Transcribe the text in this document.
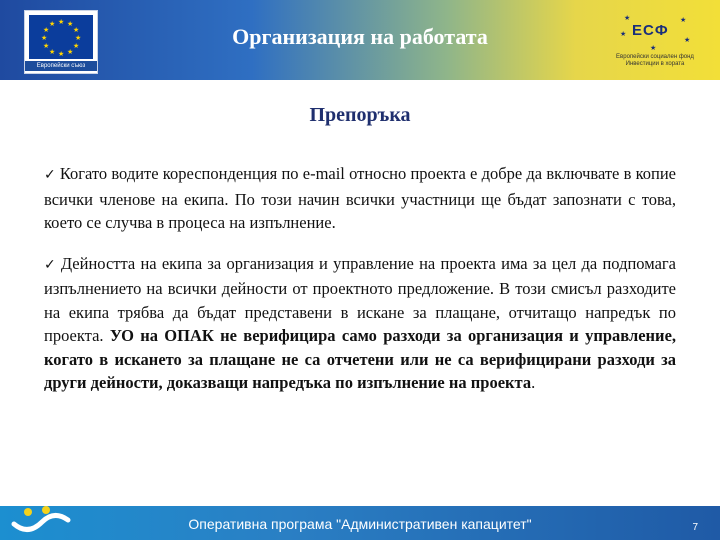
★ ★
★
★
★
★
★
★
★
★
★
★
Европейски съюз
Организация на работата
★	★
★
★
★
ЕСФ
Европейски социален фонд Инвестиции в хората
Препоръка

✓ Когато водите кореспонденция по e-mail относно проекта е добре да включвате в копие всички членове на екипа. По този начин всички участници ще бъдат запознати с това, което се случва в процеса на изпълнение.

✓ Дейността на екипа за организация и управление на проекта има за цел да подпомага изпълнението на всички дейности от проектното предложение. В този смисъл разходите на екипа трябва да бъдат представени в искане за плащане, отчитащо напредък по проекта. УО на ОПАК не верифицира само разходи за организация и управление, когато в искането за плащане не са отчетени или не са верифицирани разходи за други дейности, доказващи напредъка по изпълнение на проекта.

Оперативна програма "Административен капацитет"	7
